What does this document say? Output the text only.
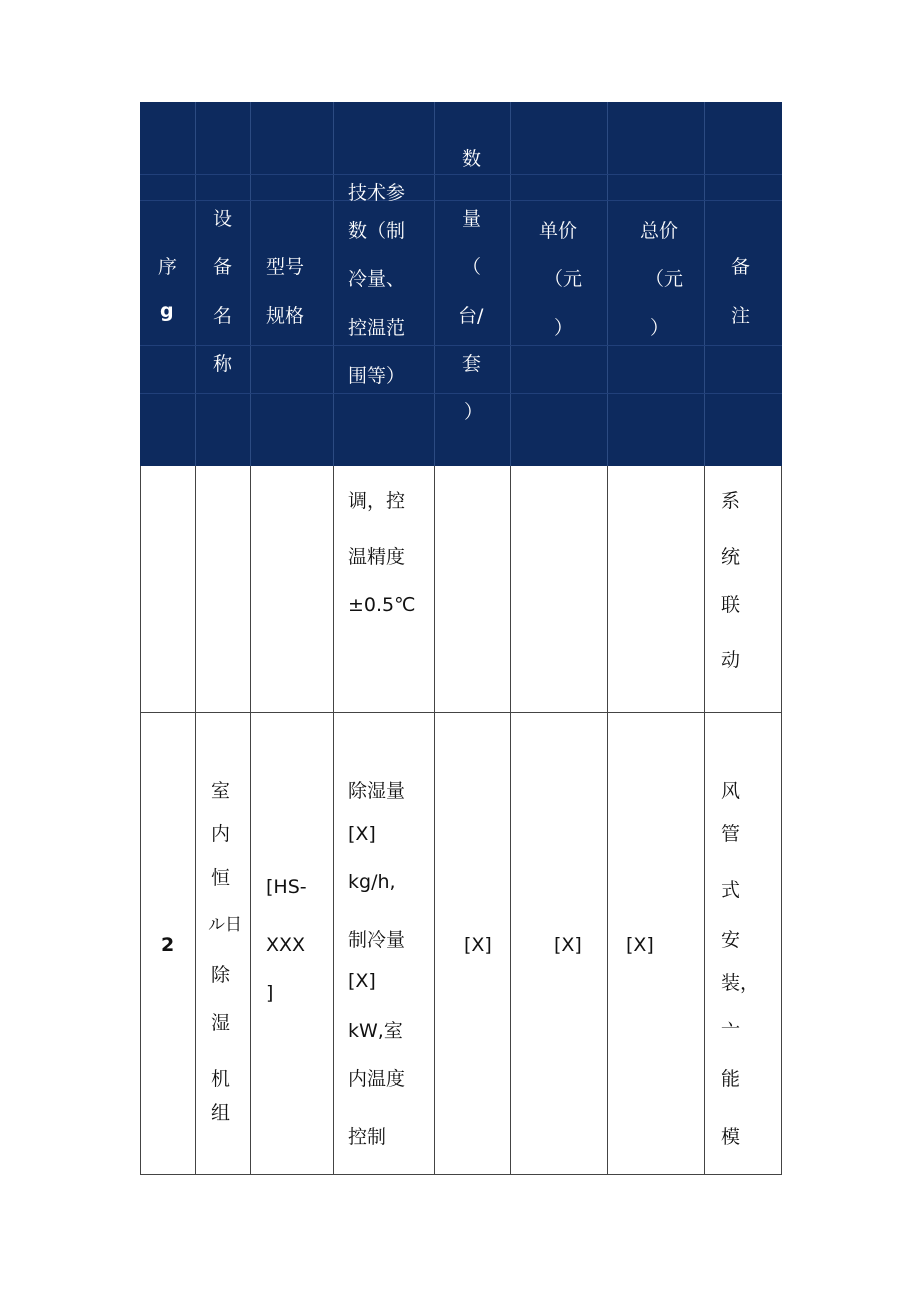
序
g
设
备
名
称
型号
规格
技术参
数（制
冷量、
控温范
围等）
数
量
（
台/
套
）
单价
（元
）
总价
（元
）
备
注
调，控
温精度
±0.5℃
系
统
联
动
2
室
内
恒
ル日
除
湿
机
组
[HS-
XXX
]
除湿量
[X]
kg/h,
制冷量
[X]
kW,室
内温度
控制
[X]	[X] [X]
风
管
式
安
装，
亠
能
模
